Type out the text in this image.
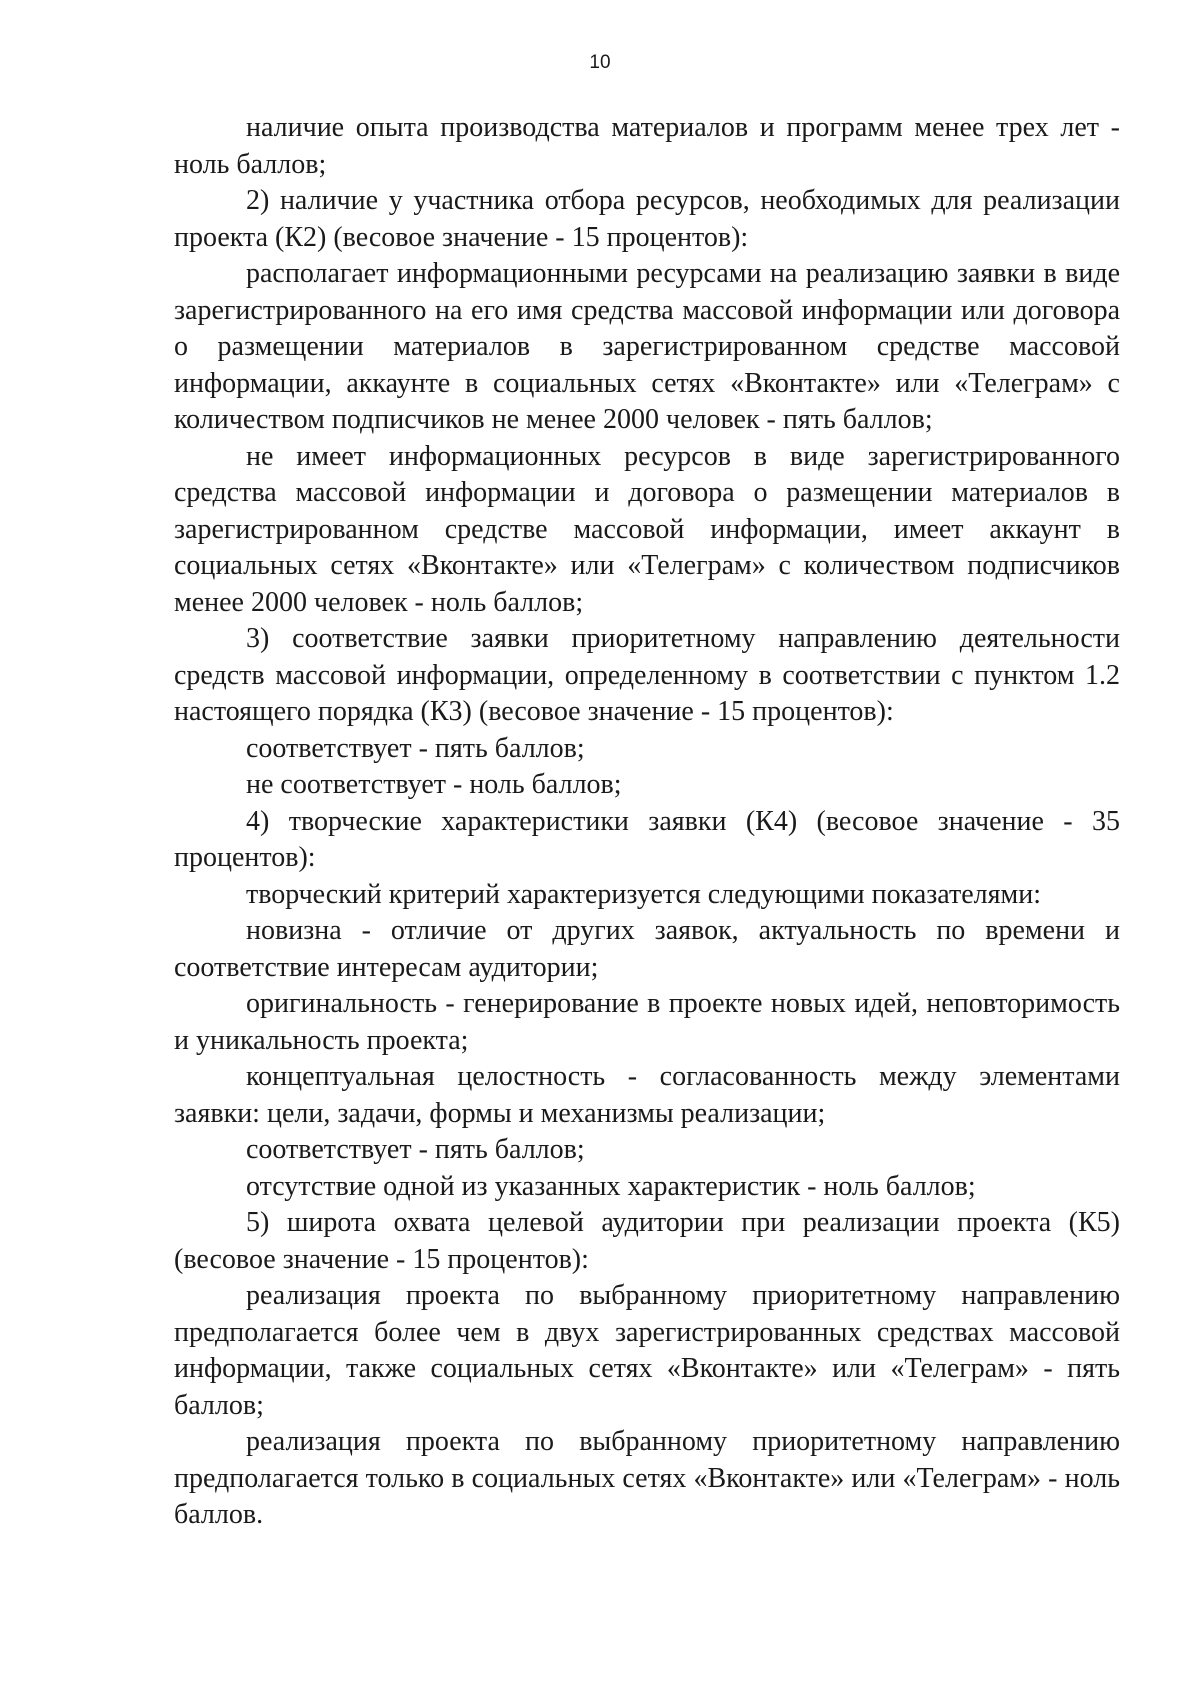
10

наличие опыта производства материалов и программ менее трех лет - ноль баллов;

2) наличие у участника отбора ресурсов, необходимых для реализации проекта (К2) (весовое значение - 15 процентов):

располагает информационными ресурсами на реализацию заявки в виде зарегистрированного на его имя средства массовой информации или договора о размещении материалов в зарегистрированном средстве массовой информации, аккаунте в социальных сетях «Вконтакте» или «Телеграм» с количеством подписчиков не менее 2000 человек - пять баллов;

не имеет информационных ресурсов в виде зарегистрированного средства массовой информации и договора о размещении материалов в зарегистрированном средстве массовой информации, имеет аккаунт в социальных сетях «Вконтакте» или «Телеграм» с количеством подписчиков менее 2000 человек - ноль баллов;

3) соответствие заявки приоритетному направлению деятельности средств массовой информации, определенному в соответствии с пунктом 1.2 настоящего порядка (К3) (весовое значение - 15 процентов):

соответствует - пять баллов;

не соответствует - ноль баллов;

4) творческие характеристики заявки (К4) (весовое значение - 35 процентов):

творческий критерий характеризуется следующими показателями:

новизна - отличие от других заявок, актуальность по времени и соответствие интересам аудитории;

оригинальность - генерирование в проекте новых идей, неповторимость и уникальность проекта;

концептуальная целостность - согласованность между элементами заявки: цели, задачи, формы и механизмы реализации;

соответствует - пять баллов;

отсутствие одной из указанных характеристик - ноль баллов;

5) широта охвата целевой аудитории при реализации проекта (К5) (весовое значение - 15 процентов):

реализация проекта по выбранному приоритетному направлению предполагается более чем в двух зарегистрированных средствах массовой информации, также социальных сетях «Вконтакте» или «Телеграм» - пять баллов;

реализация проекта по выбранному приоритетному направлению предполагается только в социальных сетях «Вконтакте» или «Телеграм» - ноль баллов.
